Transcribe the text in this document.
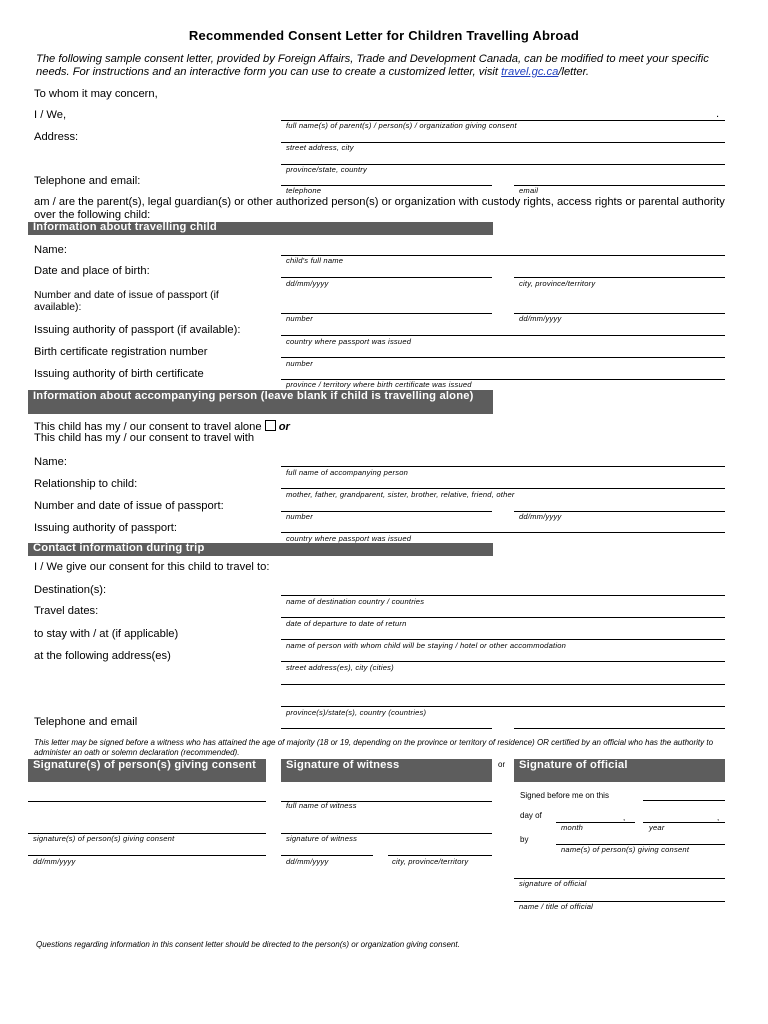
Recommended Consent Letter for Children Travelling Abroad
The following sample consent letter, provided by Foreign Affairs, Trade and Development Canada, can be modified to meet your specific needs. For instructions and an interactive form you can use to create a customized letter, visit travel.gc.ca/letter.
To whom it may concern,
I / We,	.
full name(s) of parent(s) / person(s) / organization giving consent
Address:
street address, city
province/state, country
Telephone and email:
telephone	email
am / are the parent(s), legal guardian(s) or other authorized person(s) or organization with custody rights, access rights or parental authority over the following child:
Information about travelling child
Name:
child's full name
Date and place of birth:
dd/mm/yyyy	city, province/territory
Number and date of issue of passport (if available):
number	dd/mm/yyyy
Issuing authority of passport (if available):
country where passport was issued
Birth certificate registration number
number
Issuing authority of birth certificate
province / territory where birth certificate was issued
Information about accompanying person (leave blank if child is travelling alone)
This child has my / our consent to travel alone or
This child has my / our consent to travel with
Name:
full name of accompanying person
Relationship to child:
mother, father, grandparent, sister, brother, relative, friend, other
Number and date of issue of passport:
number	dd/mm/yyyy
Issuing authority of passport:
country where passport was issued
Contact information during trip
I / We give our consent for this child to travel to:
Destination(s):
name of destination country / countries
Travel dates:
date of departure to date of return
to stay with / at (if applicable)
name of person with whom child will be staying / hotel or other accommodation
at the following address(es)
street address(es), city (cities)
province(s)/state(s), country (countries)
Telephone and email
This letter may be signed before a witness who has attained the age of majority (18 or 19, depending on the province or territory of residence) OR certified by an official who has the authority to administer an oath or solemn declaration (recommended).
Signature(s) of person(s) giving consent	Signature of witness	or	Signature of official
signature(s) of person(s) giving consent
dd/mm/yyyy
full name of witness
signature of witness
dd/mm/yyyy	city, province/territory
Signed before me on this
day of	,	,
month	year
by
name(s) of person(s) giving consent
signature of official
name / title of official
Questions regarding information in this consent letter should be directed to the person(s) or organization giving consent.
